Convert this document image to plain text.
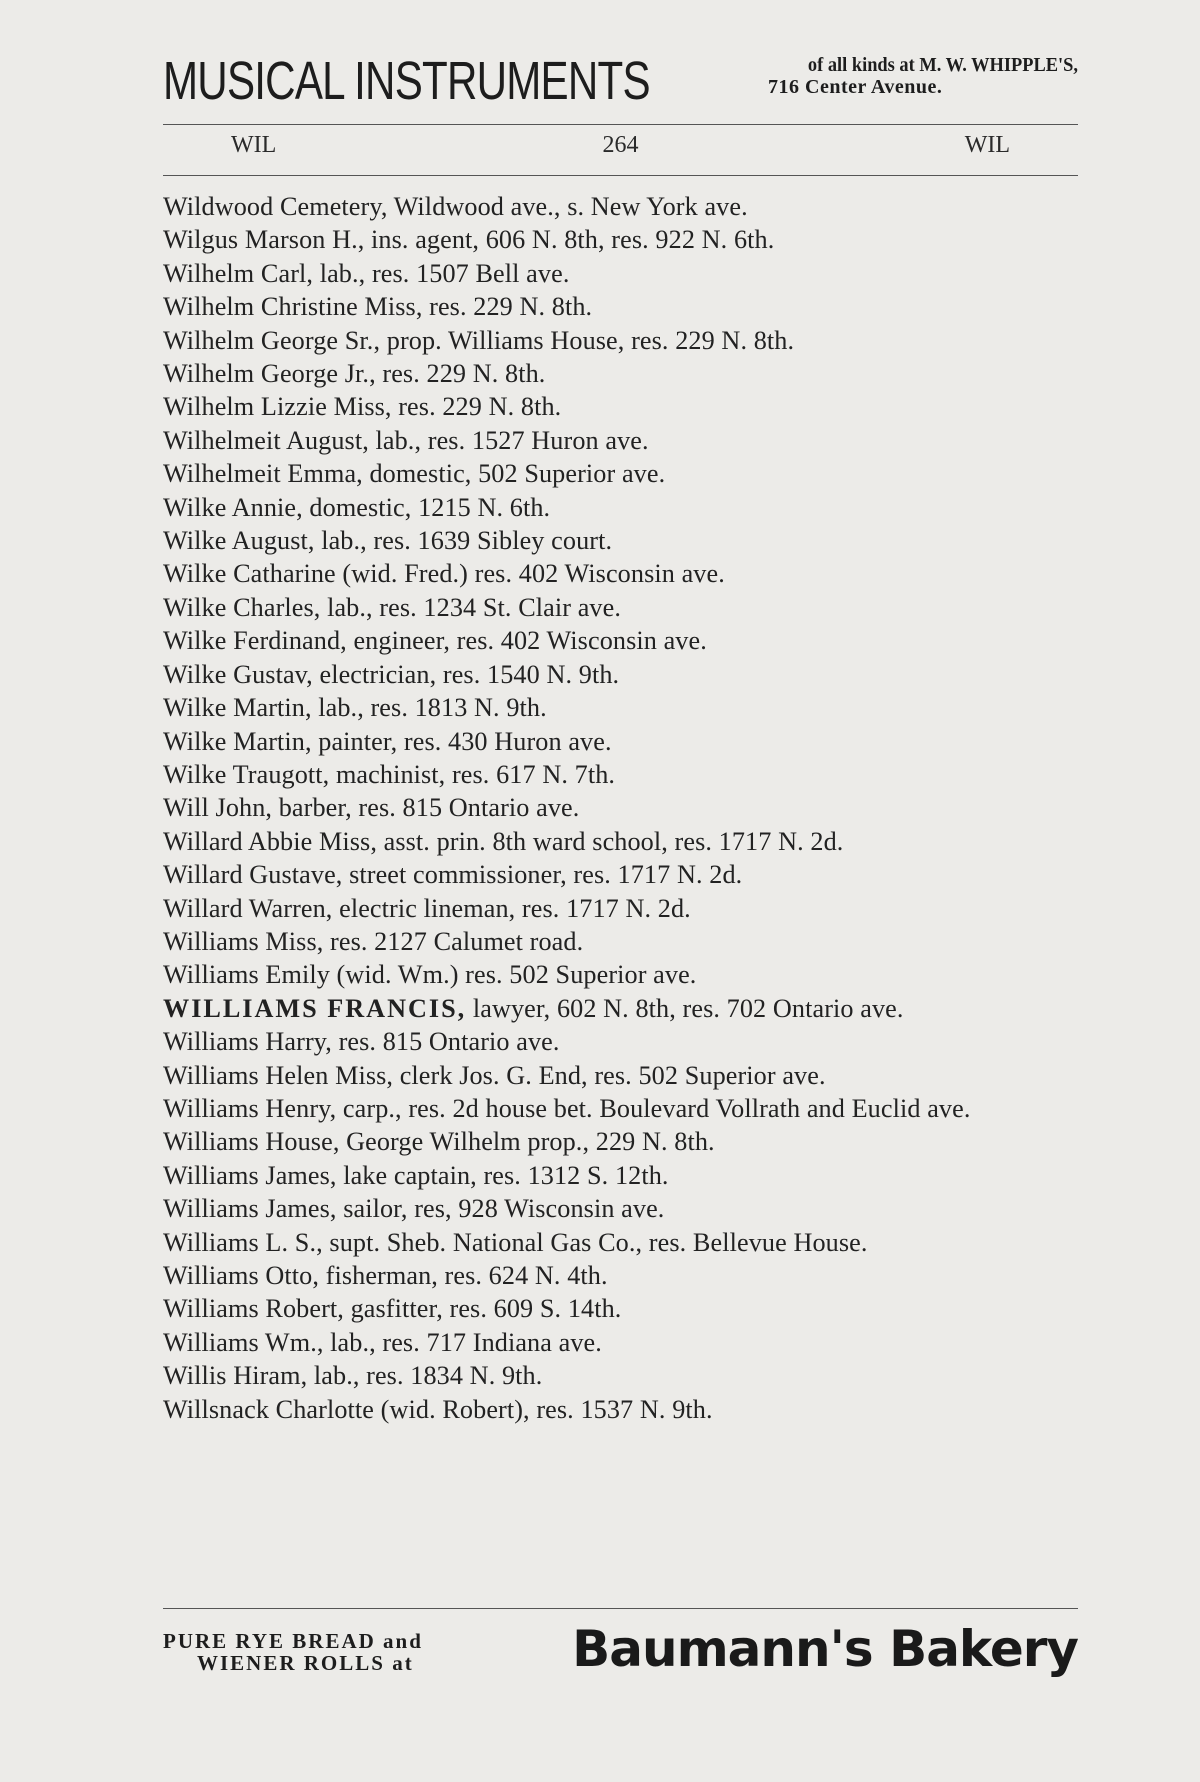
MUSICAL INSTRUMENTS	of all kinds at M. W. WHIPPLE'S,
716 Center Avenue.
WIL	264	WIL
Wildwood Cemetery, Wildwood ave., s. New York ave.
Wilgus Marson H., ins. agent, 606 N. 8th, res. 922 N. 6th.
Wilhelm Carl, lab., res. 1507 Bell ave.
Wilhelm Christine Miss, res. 229 N. 8th.
Wilhelm George Sr., prop. Williams House, res. 229 N. 8th.
Wilhelm George Jr., res. 229 N. 8th.
Wilhelm Lizzie Miss, res. 229 N. 8th.
Wilhelmeit August, lab., res. 1527 Huron ave.
Wilhelmeit Emma, domestic, 502 Superior ave.
Wilke Annie, domestic, 1215 N. 6th.
Wilke August, lab., res. 1639 Sibley court.
Wilke Catharine (wid. Fred.) res. 402 Wisconsin ave.
Wilke Charles, lab., res. 1234 St. Clair ave.
Wilke Ferdinand, engineer, res. 402 Wisconsin ave.
Wilke Gustav, electrician, res. 1540 N. 9th.
Wilke Martin, lab., res. 1813 N. 9th.
Wilke Martin, painter, res. 430 Huron ave.
Wilke Traugott, machinist, res. 617 N. 7th.
Will John, barber, res. 815 Ontario ave.
Willard Abbie Miss, asst. prin. 8th ward school, res. 1717 N. 2d.
Willard Gustave, street commissioner, res. 1717 N. 2d.
Willard Warren, electric lineman, res. 1717 N. 2d.
Williams Miss, res. 2127 Calumet road.
Williams Emily (wid. Wm.) res. 502 Superior ave.
WILLIAMS FRANCIS, lawyer, 602 N. 8th, res. 702 Ontario ave.
Williams Harry, res. 815 Ontario ave.
Williams Helen Miss, clerk Jos. G. End, res. 502 Superior ave.
Williams Henry, carp., res. 2d house bet. Boulevard Vollrath and Euclid ave.
Williams House, George Wilhelm prop., 229 N. 8th.
Williams James, lake captain, res. 1312 S. 12th.
Williams James, sailor, res, 928 Wisconsin ave.
Williams L. S., supt. Sheb. National Gas Co., res. Bellevue House.
Williams Otto, fisherman, res. 624 N. 4th.
Williams Robert, gasfitter, res. 609 S. 14th.
Williams Wm., lab., res. 717 Indiana ave.
Willis Hiram, lab., res. 1834 N. 9th.
Willsnack Charlotte (wid. Robert), res. 1537 N. 9th.
PURE RYE BREAD and
WIENER ROLLS at	Baumann's Bakery
